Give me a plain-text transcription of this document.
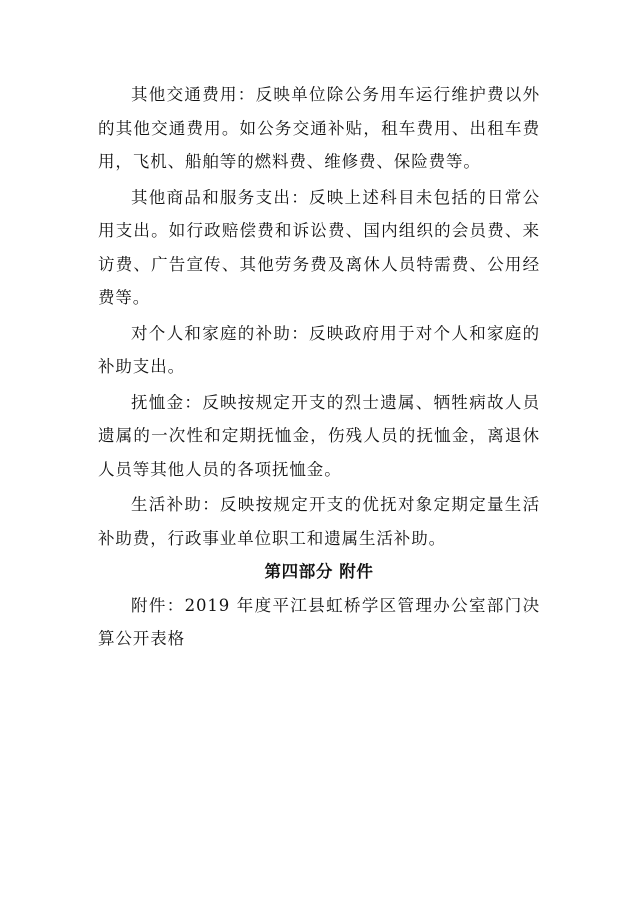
其他交通费用：反映单位除公务用车运行维护费以外的其他交通费用。如公务交通补贴，租车费用、出租车费用，飞机、船舶等的燃料费、维修费、保险费等。

其他商品和服务支出：反映上述科目未包括的日常公用支出。如行政赔偿费和诉讼费、国内组织的会员费、来访费、广告宣传、其他劳务费及离休人员特需费、公用经费等。

对个人和家庭的补助：反映政府用于对个人和家庭的补助支出。

抚恤金：反映按规定开支的烈士遗属、牺牲病故人员遗属的一次性和定期抚恤金，伤残人员的抚恤金，离退休人员等其他人员的各项抚恤金。

生活补助：反映按规定开支的优抚对象定期定量生活补助费，行政事业单位职工和遗属生活补助。

第四部分 附件

附件：2019 年度平江县虹桥学区管理办公室部门决算公开表格
